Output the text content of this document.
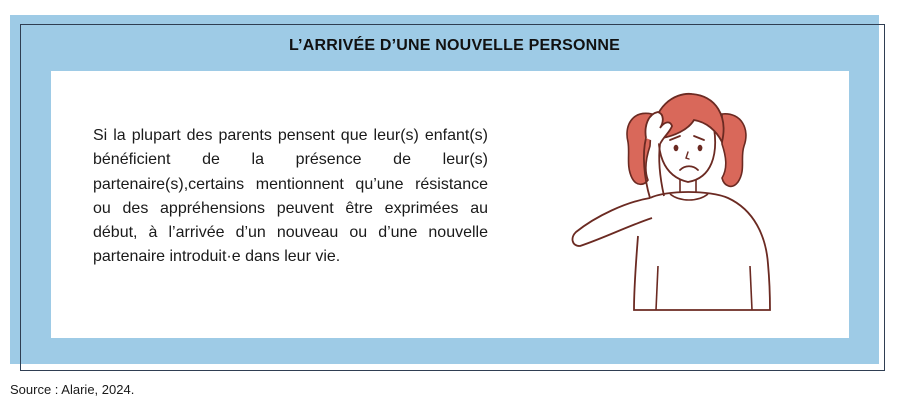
L’ARRIVÉE D’UNE NOUVELLE PERSONNE

Si la plupart des parents pensent que leur(s) enfant(s) bénéficient de la présence de leur(s) partenaire(s),certains mentionnent qu’une résistance ou des appréhensions peuvent être exprimées au début, à l’arrivée d’un nouveau ou d’une nouvelle partenaire introduit·e dans leur vie.

Source : Alarie, 2024.
